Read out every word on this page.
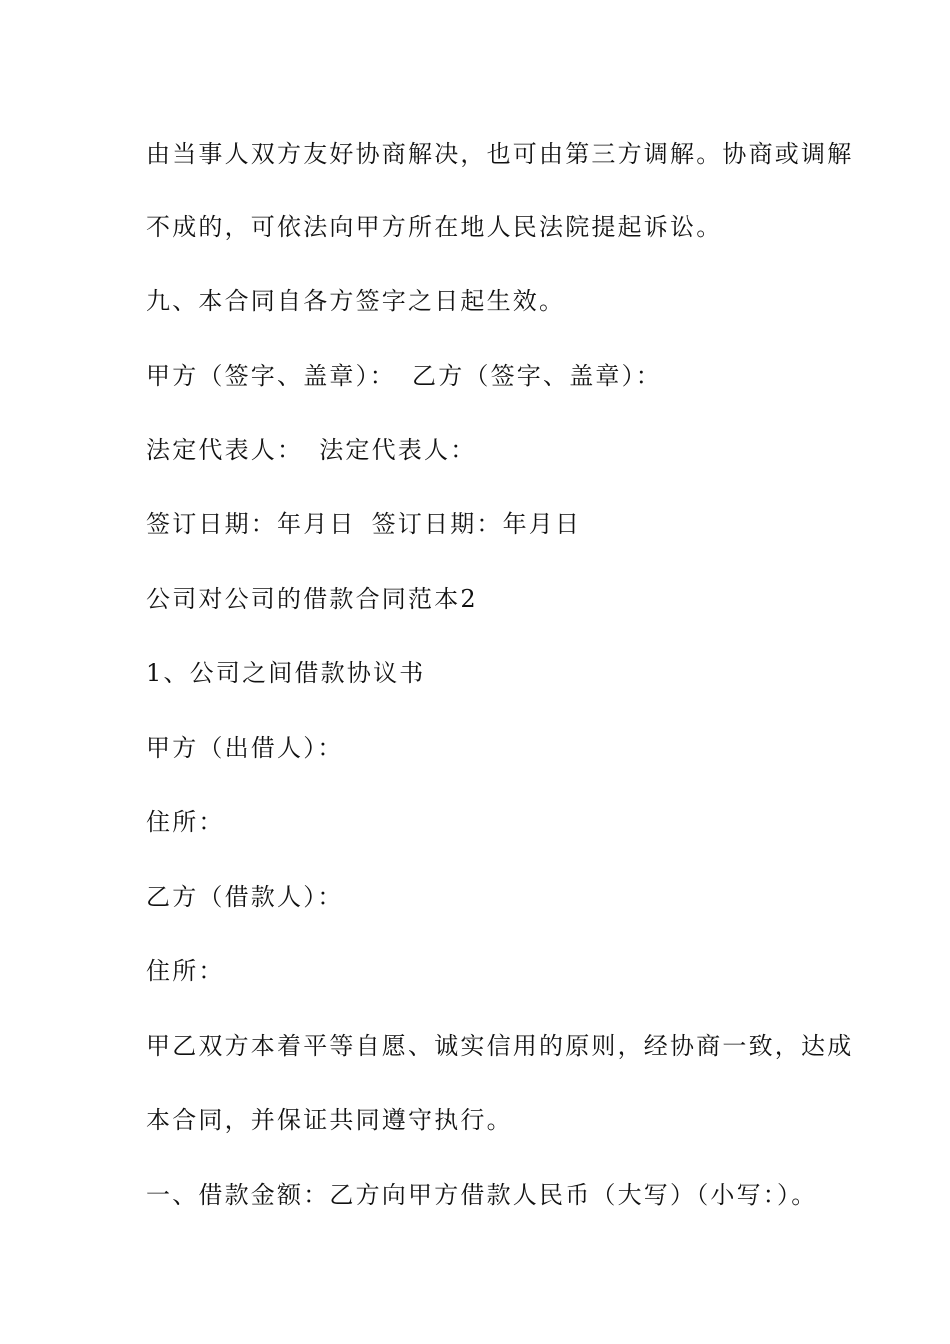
由当事人双方友好协商解决，也可由第三方调解。协商或调解
不成的，可依法向甲方所在地人民法院提起诉讼。
九、本合同自各方签字之日起生效。
甲方（签字、盖章）： 乙方（签字、盖章）：
法定代表人： 法定代表人：
签订日期：年月日 签订日期：年月日
公司对公司的借款合同范本2
1、公司之间借款协议书
甲方（出借人）：
住所：
乙方（借款人）：
住所：
甲乙双方本着平等自愿、诚实信用的原则，经协商一致，达成
本合同，并保证共同遵守执行。
一、借款金额：乙方向甲方借款人民币（大写）（小写：）。
